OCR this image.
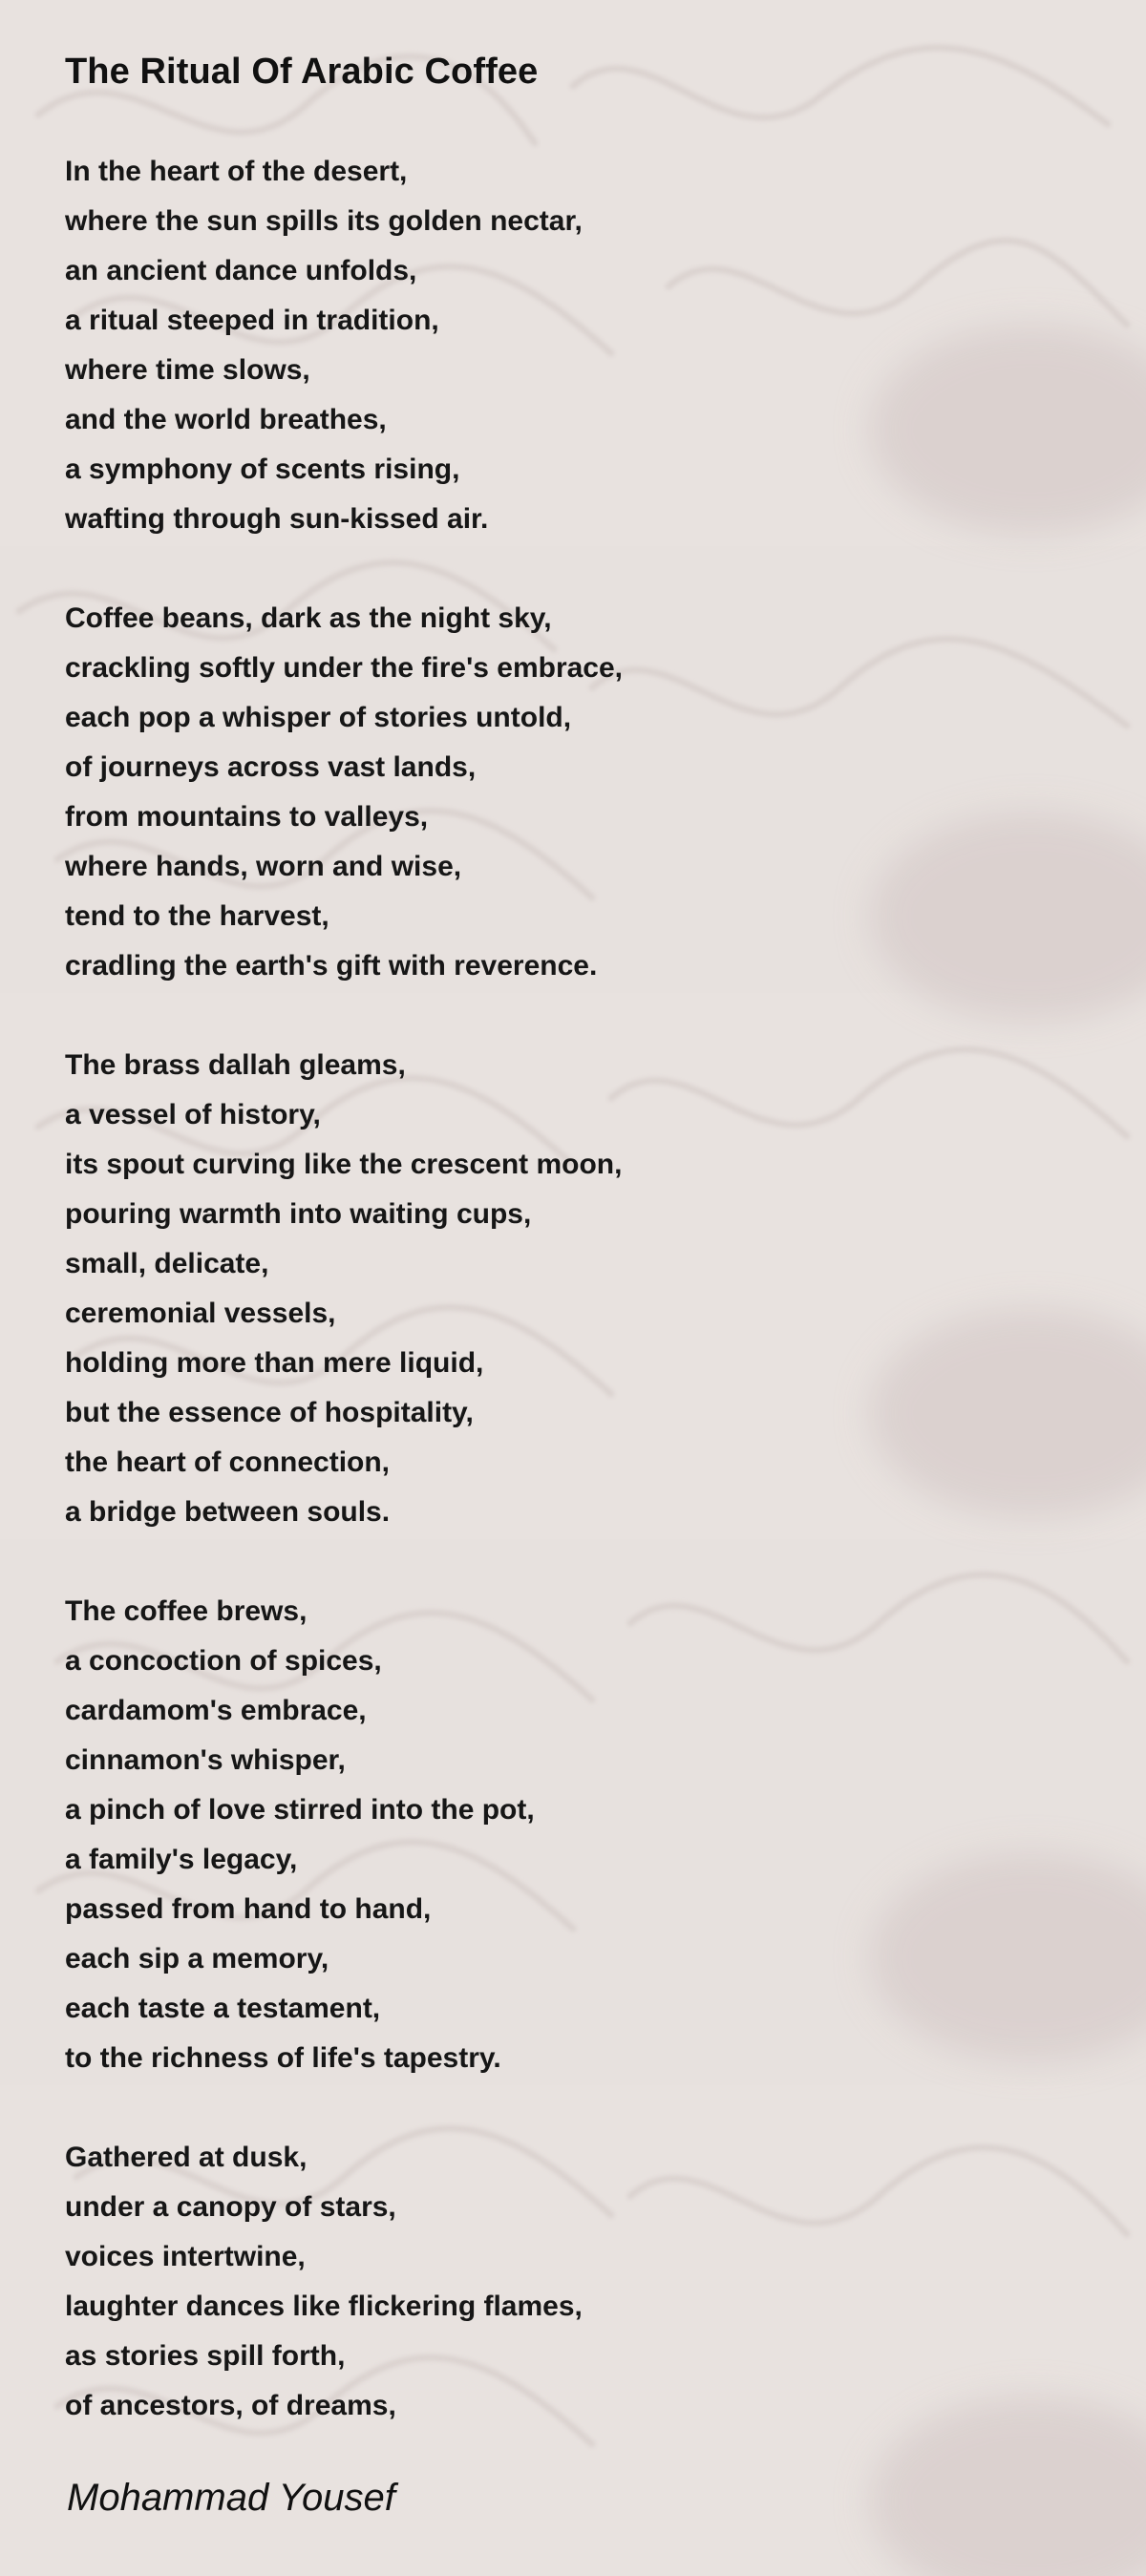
The Ritual Of Arabic Coffee
In the heart of the desert,
where the sun spills its golden nectar,
an ancient dance unfolds,
a ritual steeped in tradition,
where time slows,
and the world breathes,
a symphony of scents rising,
wafting through sun-kissed air.
Coffee beans, dark as the night sky,
crackling softly under the fire's embrace,
each pop a whisper of stories untold,
of journeys across vast lands,
from mountains to valleys,
where hands, worn and wise,
tend to the harvest,
cradling the earth's gift with reverence.
The brass dallah gleams,
a vessel of history,
its spout curving like the crescent moon,
pouring warmth into waiting cups,
small, delicate,
ceremonial vessels,
holding more than mere liquid,
but the essence of hospitality,
the heart of connection,
a bridge between souls.
The coffee brews,
a concoction of spices,
cardamom's embrace,
cinnamon's whisper,
a pinch of love stirred into the pot,
a family's legacy,
passed from hand to hand,
each sip a memory,
each taste a testament,
to the richness of life's tapestry.
Gathered at dusk,
under a canopy of stars,
voices intertwine,
laughter dances like flickering flames,
as stories spill forth,
of ancestors, of dreams,
Mohammad Yousef
